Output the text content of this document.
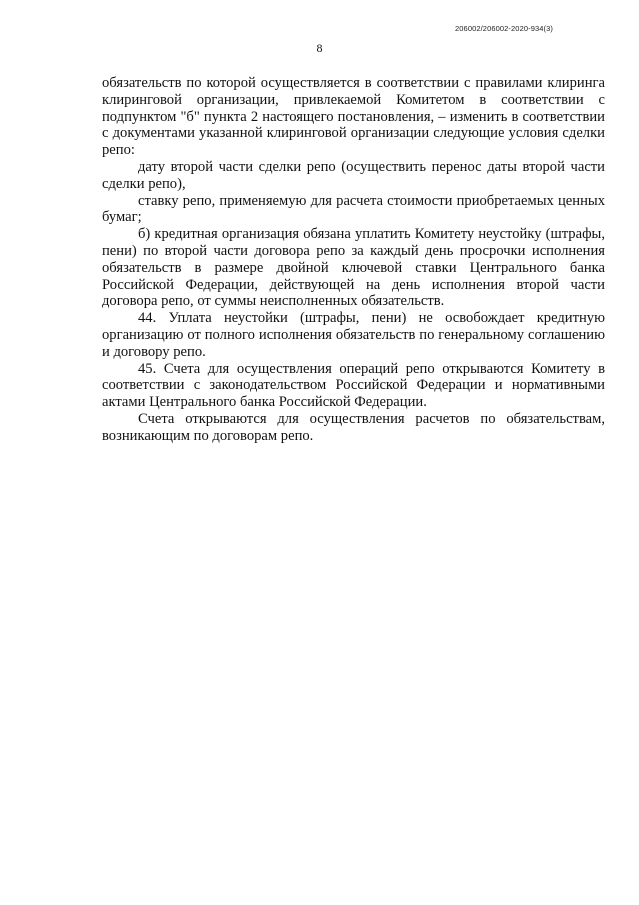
206002/206002-2020-934(3)
8

обязательств по которой осуществляется в соответствии с правилами клиринга клиринговой организации, привлекаемой Комитетом в соответствии с подпунктом "б" пункта 2 настоящего постановления, – изменить в соответствии с документами указанной клиринговой организации следующие условия сделки репо:

дату второй части сделки репо (осуществить перенос даты второй части сделки репо),

ставку репо, применяемую для расчета стоимости приобретаемых ценных бумаг;

б) кредитная организация обязана уплатить Комитету неустойку (штрафы, пени) по второй части договора репо за каждый день просрочки исполнения обязательств в размере двойной ключевой ставки Центрального банка Российской Федерации, действующей на день исполнения второй части договора репо, от суммы неисполненных обязательств.

44. Уплата неустойки (штрафы, пени) не освобождает кредитную организацию от полного исполнения обязательств по генеральному соглашению и договору репо.

45. Счета для осуществления операций репо открываются Комитету в соответствии с законодательством Российской Федерации и нормативными актами Центрального банка Российской Федерации.

Счета открываются для осуществления расчетов по обязательствам, возникающим по договорам репо.
